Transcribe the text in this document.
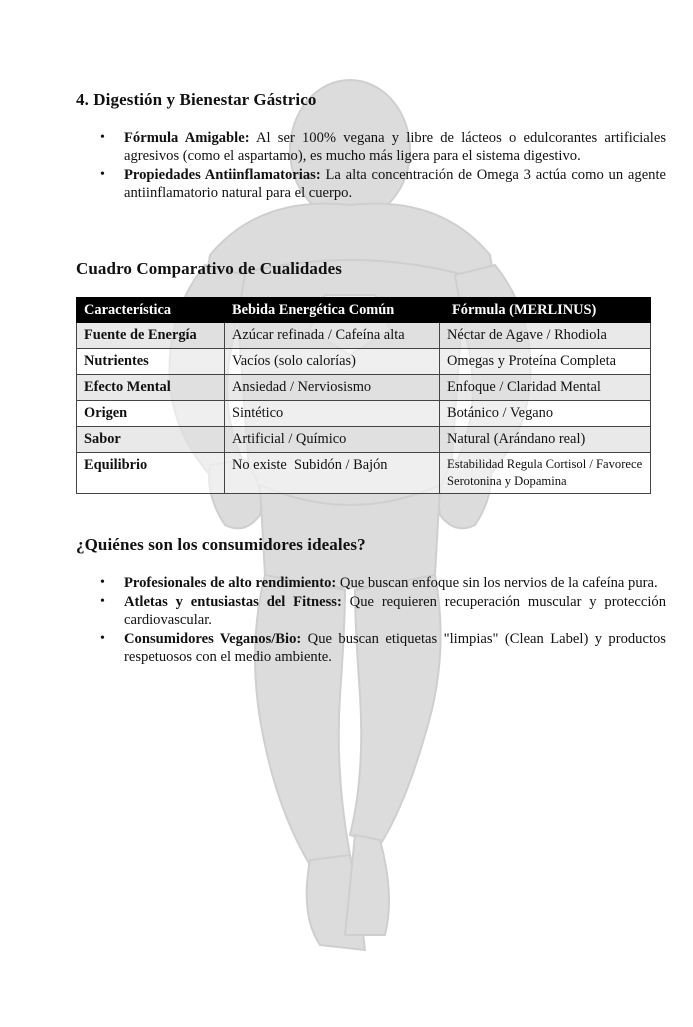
4. Digestión y Bienestar Gástrico
• Fórmula Amigable: Al ser 100% vegana y libre de lácteos o edulcorantes artificiales agresivos (como el aspartamo), es mucho más ligera para el sistema digestivo.
• Propiedades Antiinflamatorias: La alta concentración de Omega 3 actúa como un agente antiinflamatorio natural para el cuerpo.
Cuadro Comparativo de Cualidades
Característica	Bebida Energética Común	Fórmula (MERLINUS)
Fuente de Energía	Azúcar refinada / Cafeína alta	Néctar de Agave / Rhodiola
Nutrientes	Vacíos (solo calorías)	Omegas y Proteína Completa
Efecto Mental	Ansiedad / Nerviosismo	Enfoque / Claridad Mental
Origen	Sintético	Botánico / Vegano
Sabor	Artificial / Químico	Natural (Arándano real)
Equilibrio	No existe  Subidón / Bajón	Estabilidad Regula Cortisol / Favorece Serotonina y Dopamina
¿Quiénes son los consumidores ideales?
• Profesionales de alto rendimiento: Que buscan enfoque sin los nervios de la cafeína pura.
• Atletas y entusiastas del Fitness: Que requieren recuperación muscular y protección cardiovascular.
• Consumidores Veganos/Bio: Que buscan etiquetas "limpias" (Clean Label) y productos respetuosos con el medio ambiente.
